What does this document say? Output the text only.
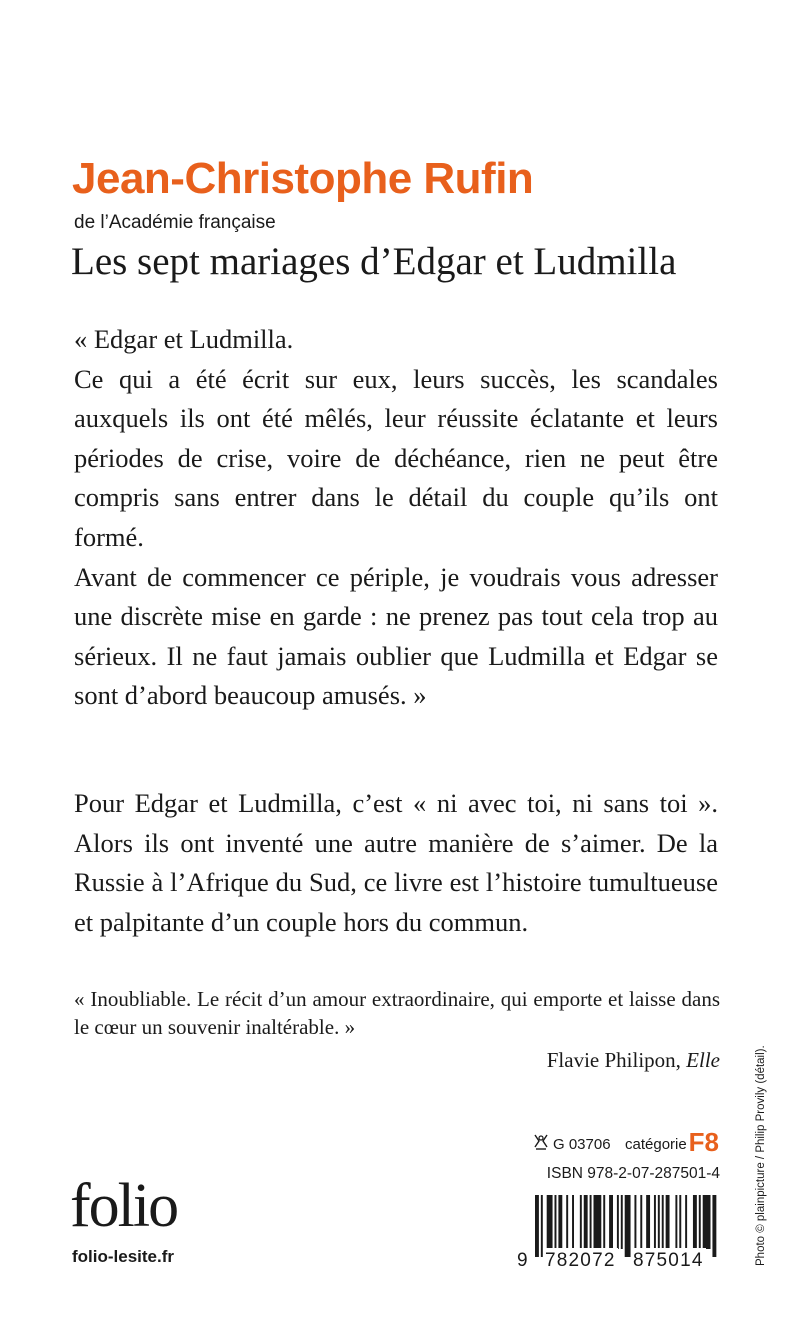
Jean-Christophe Rufin
de l’Académie française
Les sept mariages d’Edgar et Ludmilla

« Edgar et Ludmilla.

Ce qui a été écrit sur eux, leurs succès, les scandales auxquels ils ont été mêlés, leur réussite éclatante et leurs périodes de crise, voire de déchéance, rien ne peut être compris sans entrer dans le détail du couple qu’ils ont formé.

Avant de commencer ce périple, je voudrais vous adresser une discrète mise en garde : ne prenez pas tout cela trop au sérieux. Il ne faut jamais oublier que Ludmilla et Edgar se sont d’abord beaucoup amusés. »

Pour Edgar et Ludmilla, c’est « ni avec toi, ni sans toi ». Alors ils ont inventé une autre manière de s’aimer. De la Russie à l’Afrique du Sud, ce livre est l’histoire tumultueuse et palpitante d’un couple hors du commun.

« Inoubliable. Le récit d’un amour extraordinaire, qui emporte et laisse dans le cœur un souvenir inaltérable. »

Flavie Philipon, Elle	Photo © plainpicture / Philip Provily (détail).
folio
folio-lesite.fr
G 03706 catégorie F8
ISBN 978-2-07-287501-4
9 782072 875014
